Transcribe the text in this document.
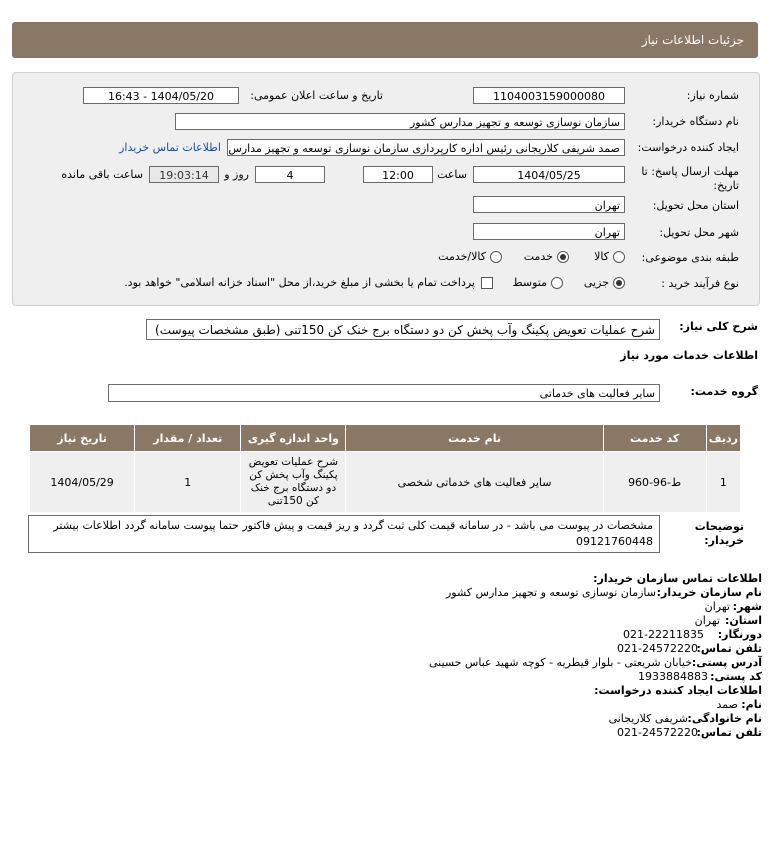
جزئیات اطلاعات نیاز
شماره نیاز:
1104003159000080
تاریخ و ساعت اعلان عمومی:
1404/05/20 - 16:43
نام دستگاه خریدار:
سازمان نوسازی توسعه و تجهیز مدارس کشور
ایجاد کننده درخواست:
صمد شریفی کلاریجانی رئیس اداره کارپردازی سازمان نوسازی توسعه و تجهیز مدارس
اطلاعات تماس خریدار
مهلت ارسال پاسخ: تا
تاریخ:
1404/05/25
ساعت
12:00
4
روز و
19:03:14
ساعت باقی مانده
استان محل تحویل:
تهران
شهر محل تحویل:
تهران
طبقه بندی موضوعی:
کالا
خدمت
کالا/خدمت
نوع فرآیند خرید :
جزیی
متوسط
پرداخت تمام یا بخشی از مبلغ خرید،از محل "اسناد خزانه اسلامی" خواهد بود.
شرح کلی نیاز:
شرح عملیات تعویض پکینگ وآب پخش کن دو دستگاه برج خنک کن 150تنی (طبق مشخصات پیوست)
اطلاعات خدمات مورد نیاز
گروه خدمت:
سایر فعالیت های خدماتی
ردیف	کد خدمت	نام خدمت	واحد اندازه گیری	تعداد / مقدار	تاریخ نیاز
1	ط-96-960	سایر فعالیت های خدماتی شخصی	شرح عملیات تعویض پکینگ وآب پخش کن دو دستگاه برج خنک کن 150تنی	1	1404/05/29
توضیحات
خریدار:
مشخصات در پیوست می باشد - در سامانه قیمت کلی ثبت گردد و ریز قیمت و پیش فاکتور حتما پیوست سامانه گردد اطلاعات بیشتر 09121760448
اطلاعات تماس سازمان خریدار:
نام سازمان خریدار:
سازمان نوسازی توسعه و تجهیز مدارس کشور
شهر:
تهران
استان:
تهران
دورنگار:
021-22211835
تلفن تماس:
021-24572220
آدرس پستی:
خیابان شریعتی - بلوار قیطریه - کوچه شهید عباس حسینی
کد پستی:
1933884883
اطلاعات ایجاد کننده درخواست:
نام:
صمد
نام خانوادگی:
شریفی کلاریجانی
تلفن تماس:
021-24572220
